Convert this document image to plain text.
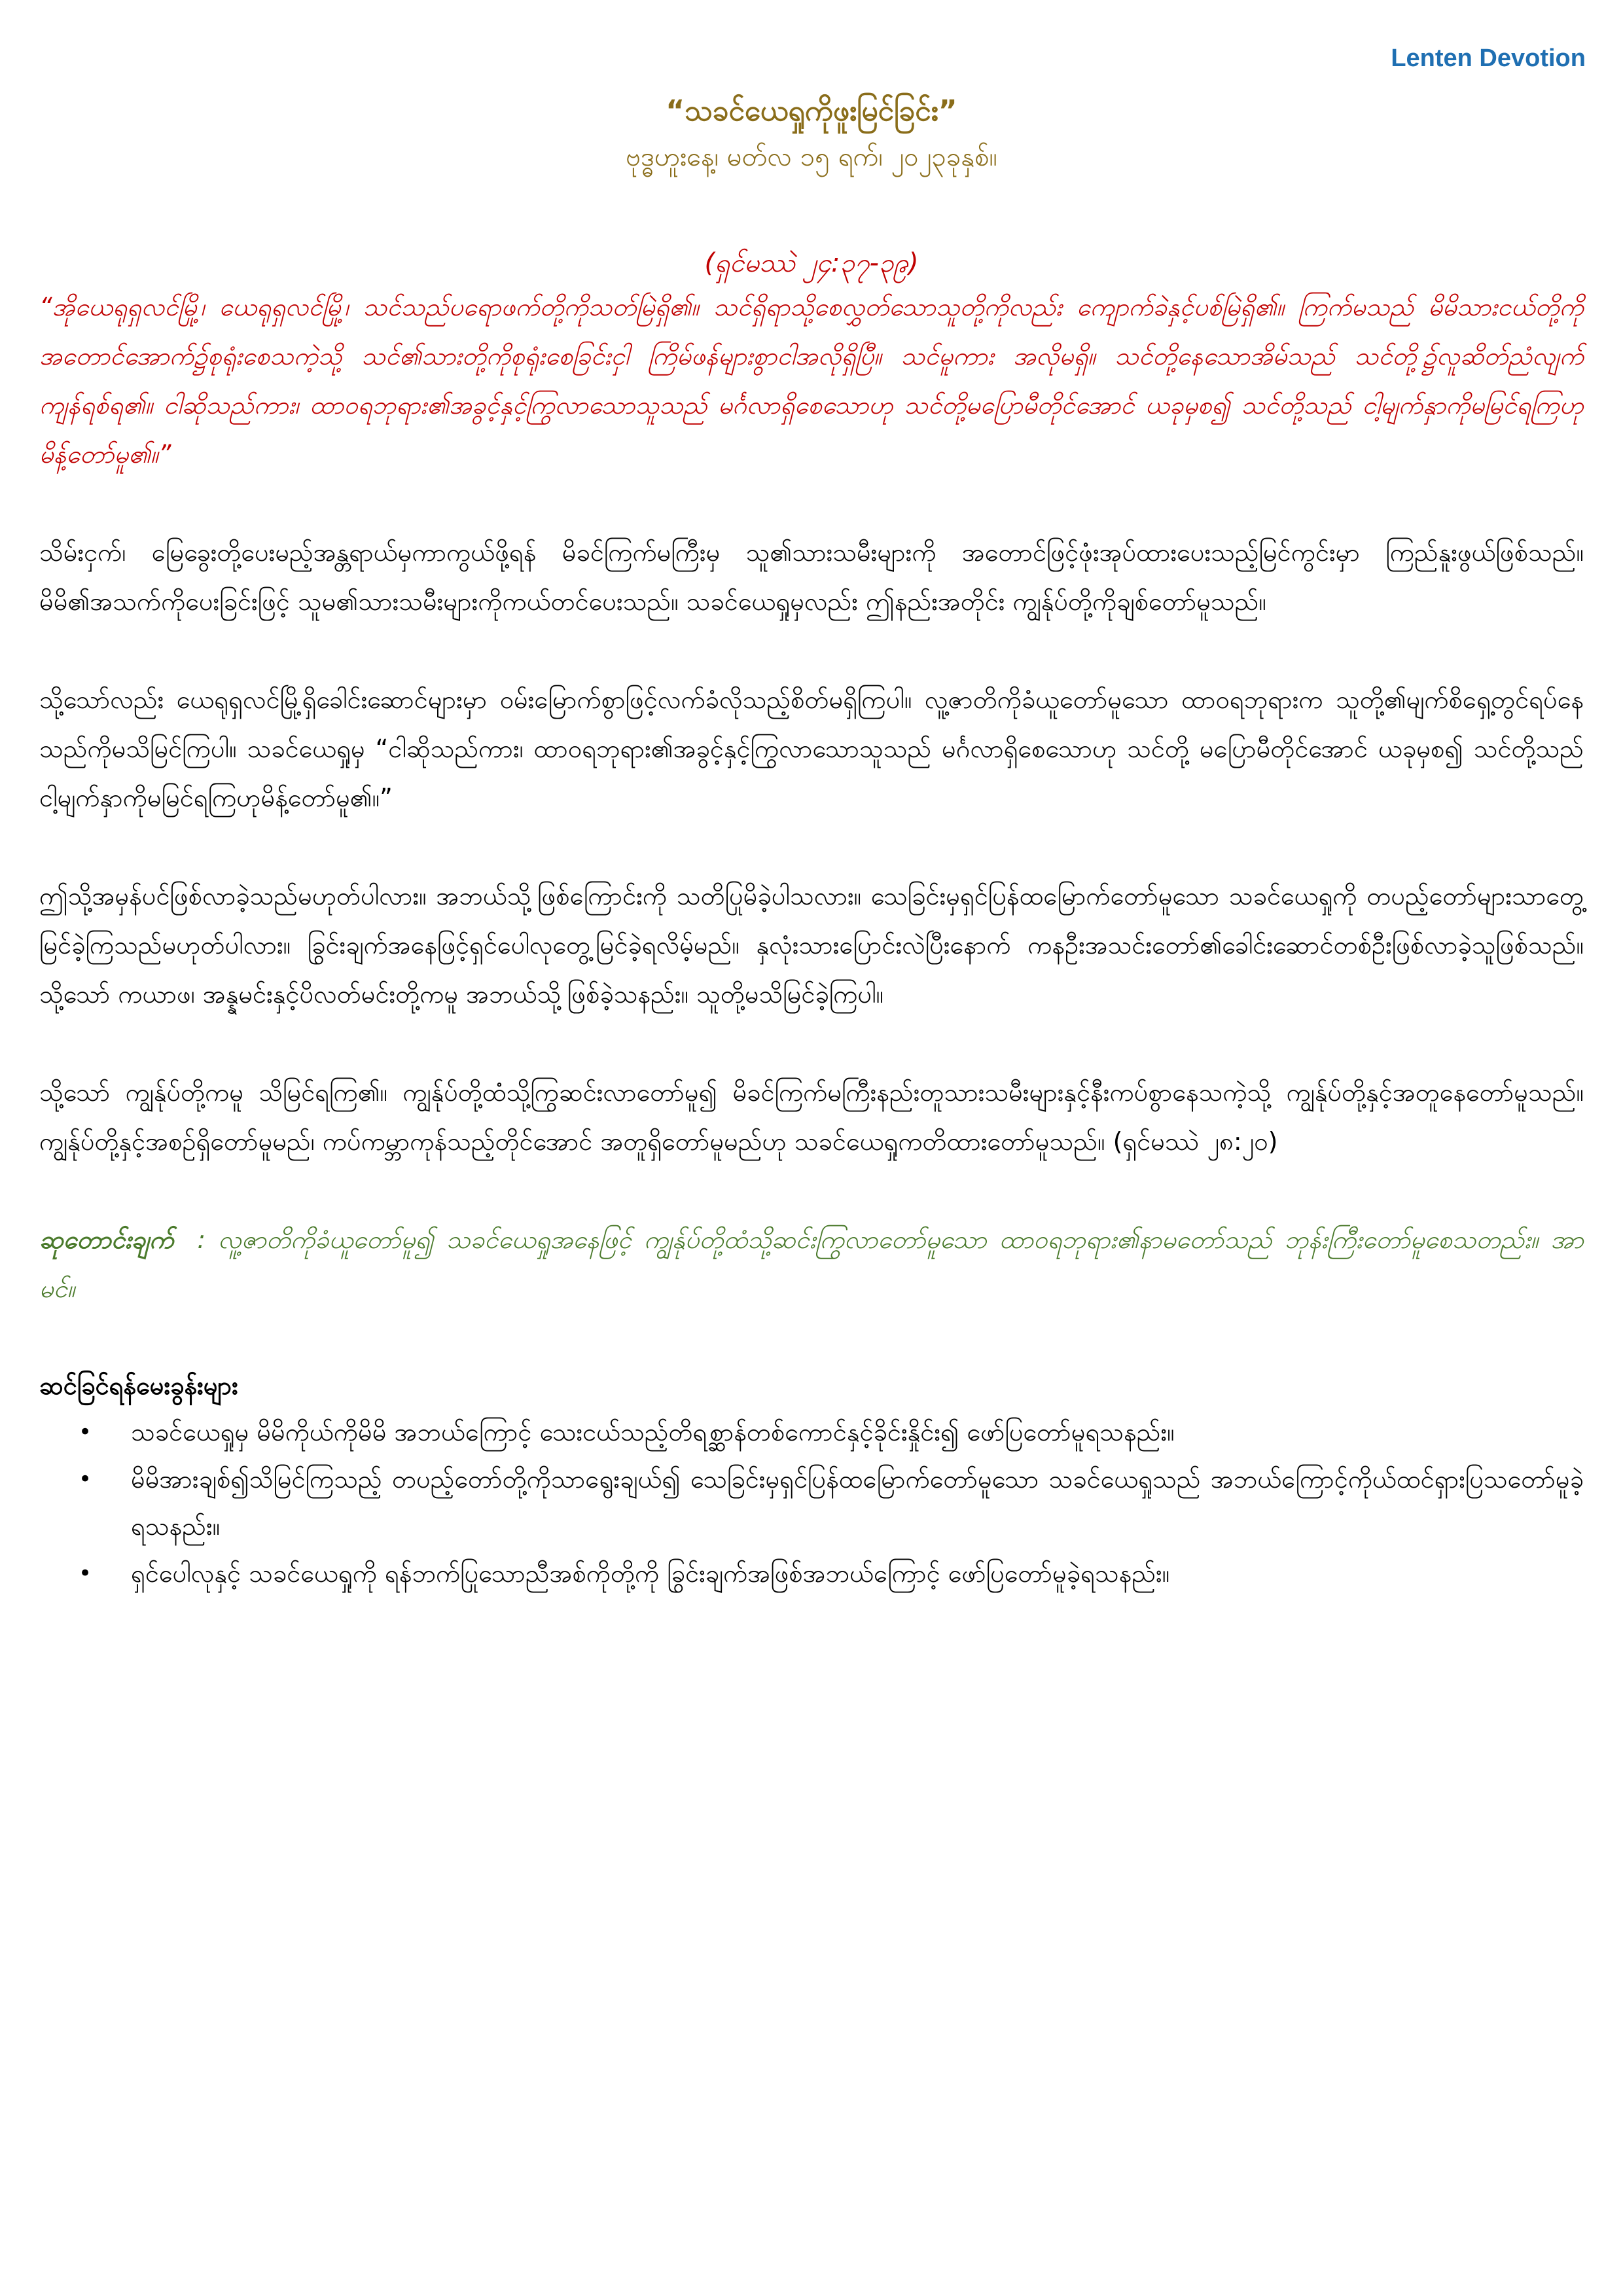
Lenten Devotion
“သခင်ယေရှုကိုဖူးမြင်ခြင်း”
ဗုဒ္ဓဟူးနေ့၊ မတ်လ ၁၅ ရက်၊ ၂၀၂၃ခုနှစ်။
(ရှင်မဿဲ ၂၄:၃၇-၃၉)

“အိုယေရုရှလင်မြို့၊ ယေရုရှလင်မြို့၊ သင်သည်ပရောဖက်တို့ကိုသတ်မြဲရှိ၏။ သင်ရှိရာသို့စေလွှတ်သောသူတို့ကိုလည်း ကျောက်ခဲနှင့်ပစ်မြဲရှိ၏။ ကြက်မသည် မိမိသားငယ်တို့ကို အတောင်အောက်၌စုရုံးစေသကဲ့သို့ သင်၏သားတို့ကိုစုရုံးစေခြင်းငှါ ကြိမ်ဖန်များစွာငါအလိုရှိပြီ။ သင်မူကား အလိုမရှိ။ သင်တို့နေသောအိမ်သည် သင်တို့၌လူဆိတ်ညံလျက်ကျန်ရစ်ရ၏။ ငါဆိုသည်ကား၊ ထာဝရဘုရား၏အခွင့်နှင့်ကြွလာသောသူသည် မင်္ဂလာရှိစေသောဟု သင်တို့မပြောမီတိုင်အောင် ယခုမှစ၍ သင်တို့သည် ငါ့မျက်နှာကိုမမြင်ရကြဟုမိန့်တော်မူ၏။”

သိမ်းငှက်၊ မြေခွေးတို့ပေးမည့်အန္တရာယ်မှကာကွယ်ဖို့ရန် မိခင်ကြက်မကြီးမှ သူ၏သားသမီးများကို အတောင်ဖြင့်ဖုံးအုပ်ထားပေးသည့်မြင်ကွင်းမှာ ကြည်နူးဖွယ်ဖြစ်သည်။ မိမိ၏အသက်ကိုပေးခြင်းဖြင့် သူမ၏သားသမီးများကိုကယ်တင်ပေးသည်။ သခင်ယေရှုမှလည်း ဤနည်းအတိုင်း ကျွန်ုပ်တို့ကိုချစ်တော်မူသည်။

သို့သော်လည်း ယေရုရှလင်မြို့ရှိခေါင်းဆောင်များမှာ ဝမ်းမြောက်စွာဖြင့်လက်ခံလိုသည့်စိတ်မရှိကြပါ။ လူ့ဇာတိကိုခံယူတော်မူသော ထာဝရဘုရားက သူတို့၏မျက်စိရှေ့တွင်ရပ်နေသည်ကိုမသိမြင်ကြပါ။ သခင်ယေရှုမှ “ငါဆိုသည်ကား၊ ထာဝရဘုရား၏အခွင့်နှင့်ကြွလာသောသူသည် မင်္ဂလာရှိစေသောဟု သင်တို့ မပြောမီတိုင်အောင် ယခုမှစ၍ သင်တို့သည် ငါ့မျက်နှာကိုမမြင်ရကြဟုမိန့်တော်မူ၏။”

ဤသို့အမှန်ပင်ဖြစ်လာခဲ့သည်မဟုတ်ပါလား။ အဘယ်သို့ဖြစ်ကြောင်းကို သတိပြုမိခဲ့ပါသလား။ သေခြင်းမှရှင်ပြန်ထမြောက်တော်မူသော သခင်ယေရှုကို တပည့်တော်များသာတွေ့မြင်ခဲ့ကြသည်မဟုတ်ပါလား။ ခြွင်းချက်အနေဖြင့်ရှင်ပေါလုတွေ့မြင်ခဲ့ရလိမ့်မည်။ နှလုံးသားပြောင်းလဲပြီးနောက် ကနဦးအသင်းတော်၏ခေါင်းဆောင်တစ်ဦးဖြစ်လာခဲ့သူဖြစ်သည်။ သို့သော် ကယာဖ၊ အန္နမင်းနှင့်ပိလတ်မင်းတို့ကမူ အဘယ်သို့ဖြစ်ခဲ့သနည်း။ သူတို့မသိမြင်ခဲ့ကြပါ။

သို့သော် ကျွန်ုပ်တို့ကမူ သိမြင်ရကြ၏။ ကျွန်ုပ်တို့ထံသို့ကြွဆင်းလာတော်မူ၍ မိခင်ကြက်မကြီးနည်းတူသားသမီးများနှင့်နီးကပ်စွာနေသကဲ့သို့ ကျွန်ုပ်တို့နှင့်အတူနေတော်မူသည်။ ကျွန်ုပ်တို့နှင့်အစဉ်ရှိတော်မူမည်၊ ကပ်ကမ္ဘာကုန်သည့်တိုင်အောင် အတူရှိတော်မူမည်ဟု သခင်ယေရှုကတိထားတော်မူသည်။ (ရှင်မဿဲ ၂၈:၂၀)

ဆုတောင်းချက် : လူ့ဇာတိကိုခံယူတော်မူ၍ သခင်ယေရှုအနေဖြင့် ကျွန်ုပ်တို့ထံသို့ဆင်းကြွလာတော်မူသော ထာဝရဘုရား၏နာမတော်သည် ဘုန်းကြီးတော်မူစေသတည်း။ အာမင်။

ဆင်ခြင်ရန်မေးခွန်းများ
• သခင်ယေရှုမှ မိမိကိုယ်ကိုမိမိ အဘယ်ကြောင့် သေးငယ်သည့်တိရစ္ဆာန်တစ်ကောင်နှင့်ခိုင်းနှိုင်း၍ ဖော်ပြတော်မူရသနည်း။
• မိမိအားချစ်၍သိမြင်ကြသည့် တပည့်တော်တို့ကိုသာရွေးချယ်၍ သေခြင်းမှရှင်ပြန်ထမြောက်တော်မူသော သခင်ယေရှုသည် အဘယ်ကြောင့်ကိုယ်ထင်ရှားပြသတော်မူခဲ့ရသနည်း။
• ရှင်ပေါလုနှင့် သခင်ယေရှုကို ရန်ဘက်ပြုသောညီအစ်ကိုတို့ကို ခြွင်းချက်အဖြစ်အဘယ်ကြောင့် ဖော်ပြတော်မူခဲ့ရသနည်း။
